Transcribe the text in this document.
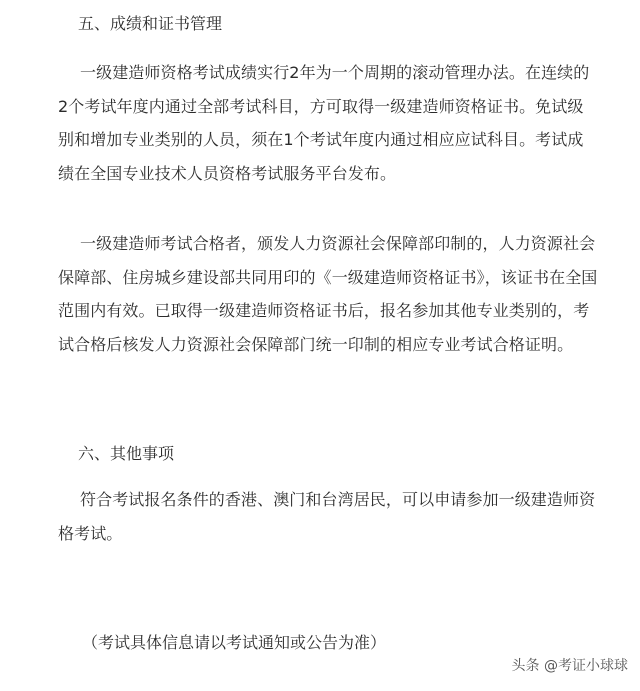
五、成绩和证书管理

一级建造师资格考试成绩实行2年为一个周期的滚动管理办法。在连续的2个考试年度内通过全部考试科目，方可取得一级建造师资格证书。免试级别和增加专业类别的人员，须在1个考试年度内通过相应应试科目。考试成绩在全国专业技术人员资格考试服务平台发布。

一级建造师考试合格者，颁发人力资源社会保障部印制的，人力资源社会保障部、住房城乡建设部共同用印的《一级建造师资格证书》，该证书在全国范围内有效。已取得一级建造师资格证书后，报名参加其他专业类别的，考试合格后核发人力资源社会保障部门统一印制的相应专业考试合格证明。

六、其他事项

符合考试报名条件的香港、澳门和台湾居民，可以申请参加一级建造师资格考试。

（考试具体信息请以考试通知或公告为准）
头条 @考证小球球
